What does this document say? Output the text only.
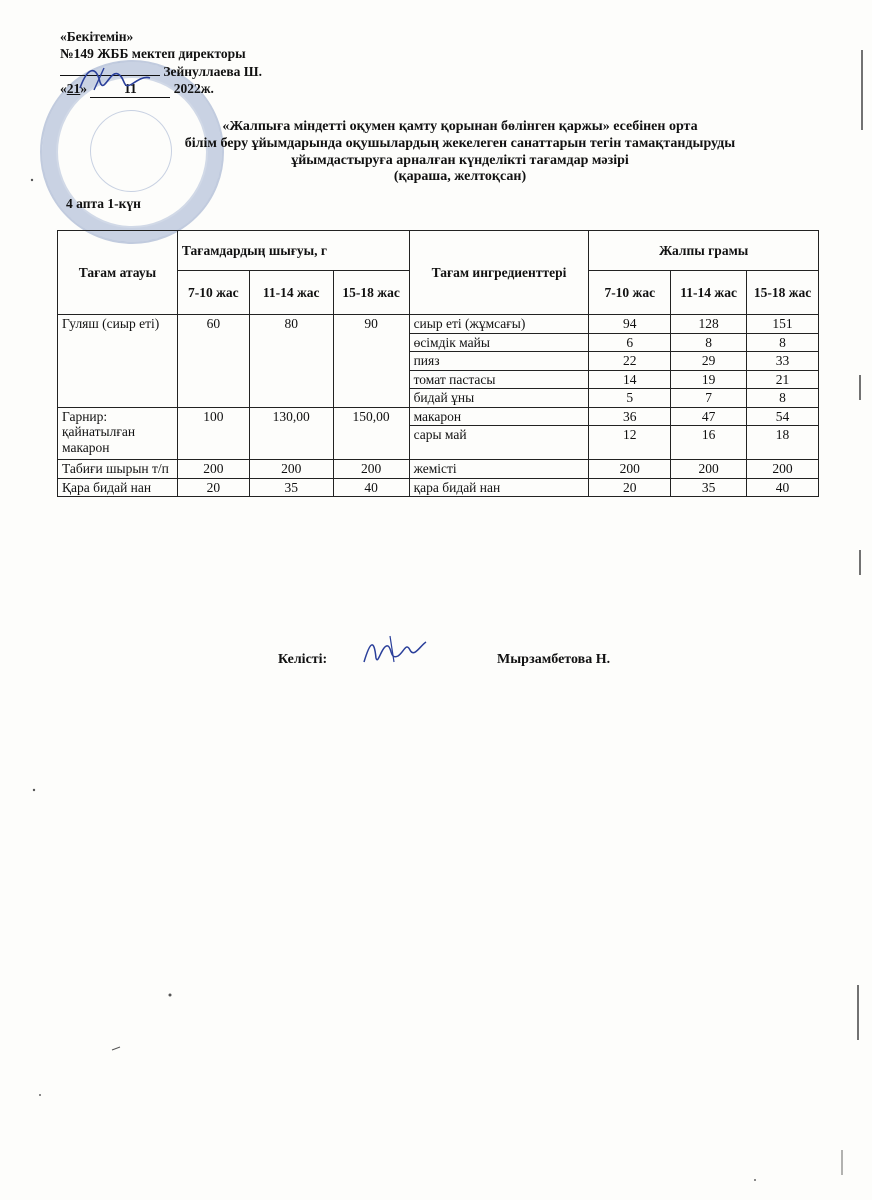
«Бекітемін»
№149 ЖББ мектеп директоры
Зейнуллаева Ш.
«21» 11	2022ж.
«Жалпыға міндетті оқумен қамту қорынан бөлінген қаржы» есебінен орта
білім беру ұйымдарында оқушылардың жекелеген санаттарын тегін тамақтандыруды
ұйымдастыруға арналған күнделікті тағамдар мәзірі
(қараша, желтоқсан)
4 апта 1-күн
Тағам атауы	Тағамдардың шығуы, г			Тағам ингредиенттері	Жалпы грамы		
	7-10 жас	11-14 жас	15-18 жас		7-10 жас	11-14 жас	15-18 жас
Гуляш (сиыр еті)	60	80	90	сиыр еті (жұмсағы)	94	128	151
				өсімдік майы	6	8	8
				пияз	22	29	33
				томат пастасы	14	19	21
				бидай ұны	5	7	8
Гарнир: қайнатылған макарон	100	130,00	150,00	макарон	36	47	54
				сары май	12	16	18
Табиғи шырын т/п	200	200	200	жемісті	200	200	200
Қара бидай нан	20	35	40	қара бидай нан	20	35	40
Келісті:	Мырзамбетова Н.
